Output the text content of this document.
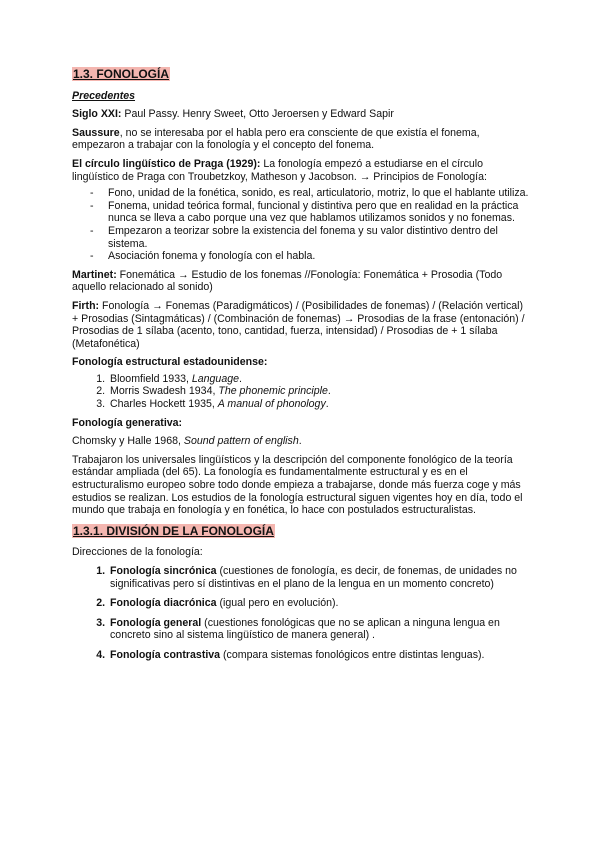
1.3. FONOLOGÍA
Precedentes

Siglo XXI: Paul Passy. Henry Sweet, Otto Jeroersen y Edward Sapir

Saussure, no se interesaba por el habla pero era consciente de que existía el fonema, empezaron a trabajar con la fonología y el concepto del fonema.

El círculo lingüístico de Praga (1929): La fonología empezó a estudiarse en el círculo lingüístico de Praga con Troubetzkoy, Matheson y Jacobson. → Principios de Fonología:

- Fono, unidad de la fonética, sonido, es real, articulatorio, motriz, lo que el hablante utiliza.
- Fonema, unidad teórica formal, funcional y distintiva pero que en realidad en la práctica nunca se lleva a cabo porque una vez que hablamos utilizamos sonidos y no fonemas.
- Empezaron a teorizar sobre la existencia del fonema y su valor distintivo dentro del sistema.
- Asociación fonema y fonología con el habla.

Martinet: Fonemática → Estudio de los fonemas //Fonología: Fonemática + Prosodia (Todo aquello relacionado al sonido)

Firth: Fonología → Fonemas (Paradigmáticos) / (Posibilidades de fonemas) / (Relación vertical) + Prosodias (Sintagmáticas) / (Combinación de fonemas) → Prosodias de la frase (entonación) / Prosodias de 1 sílaba (acento, tono, cantidad, fuerza, intensidad) / Prosodias de + 1 sílaba (Metafonética)

Fonología estructural estadounidense:

1. Bloomfield 1933, Language.
2. Morris Swadesh 1934, The phonemic principle.
3. Charles Hockett 1935, A manual of phonology.

Fonología generativa:

Chomsky y Halle 1968, Sound pattern of english.

Trabajaron los universales lingüísticos y la descripción del componente fonológico de la teoría estándar ampliada (del 65). La fonología es fundamentalmente estructural y es en el estructuralismo europeo sobre todo donde empieza a trabajarse, donde más fuerza coge y más estudios se realizan. Los estudios de la fonología estructural siguen vigentes hoy en día, todo el mundo que trabaja en fonología y en fonética, lo hace con postulados estructuralistas.

1.3.1. DIVISIÓN DE LA FONOLOGÍA

Direcciones de la fonología:

1. Fonología sincrónica (cuestiones de fonología, es decir, de fonemas, de unidades no significativas pero sí distintivas en el plano de la lengua en un momento concreto)
2. Fonología diacrónica (igual pero en evolución).
3. Fonología general (cuestiones fonológicas que no se aplican a ninguna lengua en concreto sino al sistema lingüístico de manera general) .
4. Fonología contrastiva (compara sistemas fonológicos entre distintas lenguas).
